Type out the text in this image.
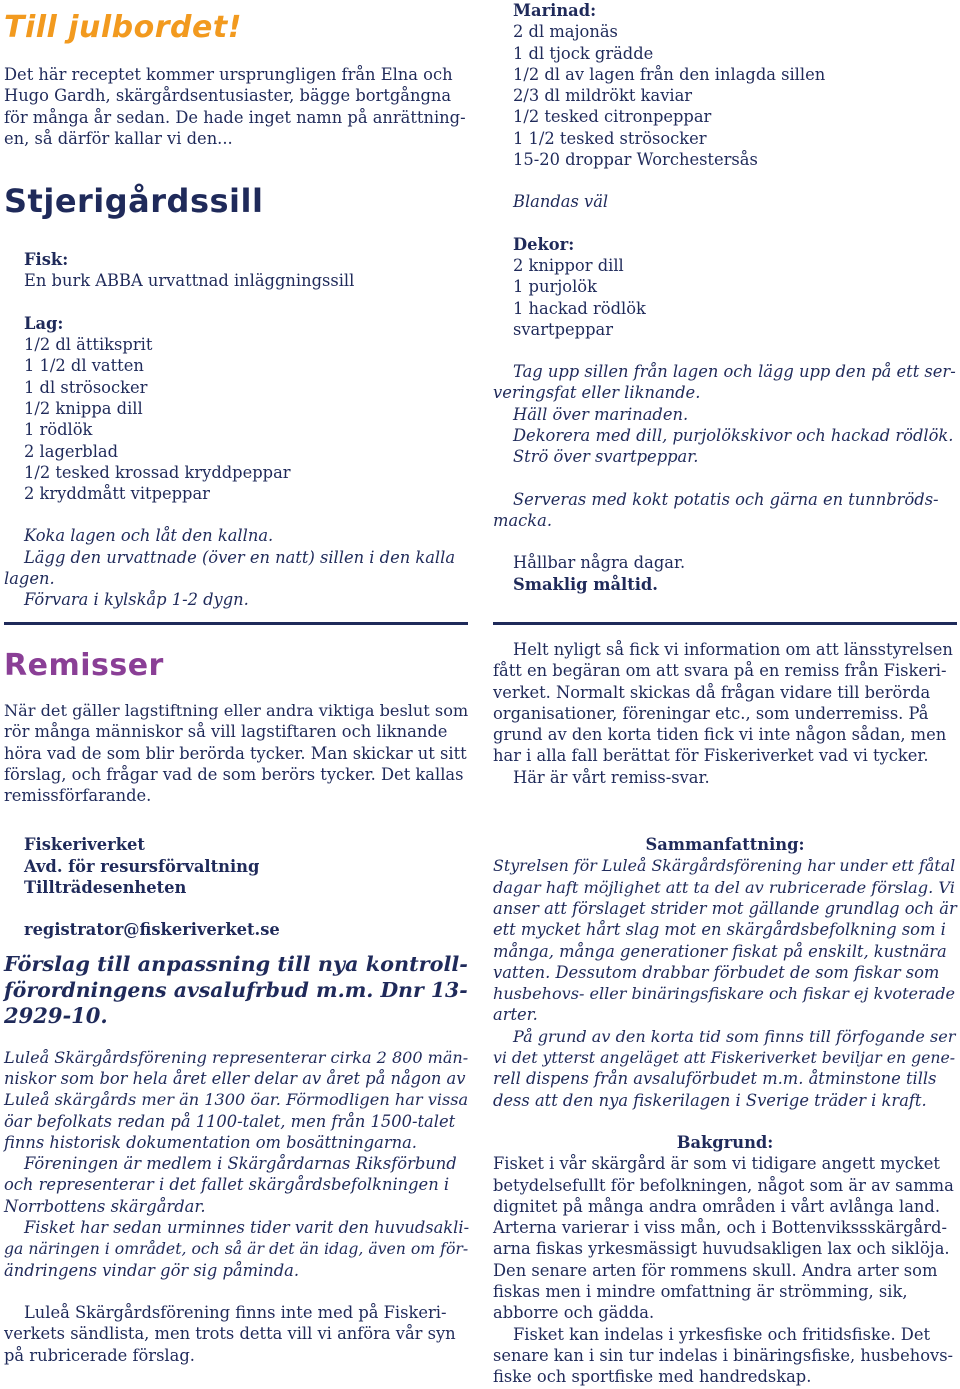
Till julbordet!
Det här receptet kommer ursprungligen från Elna och
Hugo Gardh, skärgårdsentusiaster, bägge bortgångna
för många år sedan. De hade inget namn på anrättning-
en, så därför kallar vi den...
Stjerigårdssill
Fisk:
En burk ABBA urvattnad inläggningssill
Lag:
1/2 dl ättiksprit
1 1/2 dl vatten
1 dl strösocker
1/2 knippa dill
1 rödlök
2 lagerblad
1/2 tesked krossad kryddpeppar
2 kryddmått vitpeppar
Koka lagen och låt den kallna.
Lägg den urvattnade (över en natt) sillen i den kalla
lagen.
Förvara i kylskåp 1-2 dygn.
Marinad:
2 dl majonäs
1 dl tjock grädde
1/2 dl av lagen från den inlagda sillen
2/3 dl mildrökt kaviar
1/2 tesked citronpeppar
1 1/2 tesked strösocker
15-20 droppar Worchestersås
Blandas väl
Dekor:
2 knippor dill
1 purjolök
1 hackad rödlök
svartpeppar
Tag upp sillen från lagen och lägg upp den på ett ser-
veringsfat eller liknande.
Häll över marinaden.
Dekorera med dill, purjolökskivor och hackad rödlök.
Strö över svartpeppar.
Serveras med kokt potatis och gärna en tunnbröds-
macka.
Hållbar några dagar.
Smaklig måltid.
Remisser
När det gäller lagstiftning eller andra viktiga beslut som
rör många människor så vill lagstiftaren och liknande
höra vad de som blir berörda tycker. Man skickar ut sitt
förslag, och frågar vad de som berörs tycker. Det kallas
remissförfarande.
Fiskeriverket
Avd. för resursförvaltning
Tillträdesenheten
registrator@fiskeriverket.se
Förslag till anpassning till nya kontroll-
förordningens avsalufrbud m.m. Dnr 13-
2929-10.
Luleå Skärgårdsförening representerar cirka 2 800 män-
niskor som bor hela året eller delar av året på någon av
Luleå skärgårds mer än 1300 öar. Förmodligen har vissa
öar befolkats redan på 1100-talet, men från 1500-talet
finns historisk dokumentation om bosättningarna.
Föreningen är medlem i Skärgårdarnas Riksförbund
och representerar i det fallet skärgårdsbefolkningen i
Norrbottens skärgårdar.
Fisket har sedan urminnes tider varit den huvudsakli-
ga näringen i området, och så är det än idag, även om för-
ändringens vindar gör sig påminda.
Luleå Skärgårdsförening finns inte med på Fiskeri-
verkets sändlista, men trots detta vill vi anföra vår syn
på rubricerade förslag.
Helt nyligt så fick vi information om att länsstyrelsen
fått en begäran om att svara på en remiss från Fiskeri-
verket. Normalt skickas då frågan vidare till berörda
organisationer, föreningar etc., som underremiss. På
grund av den korta tiden fick vi inte någon sådan, men
har i alla fall berättat för Fiskeriverket vad vi tycker.
Här är vårt remiss-svar.
Sammanfattning:
Styrelsen för Luleå Skärgårdsförening har under ett fåtal
dagar haft möjlighet att ta del av rubricerade förslag. Vi
anser att förslaget strider mot gällande grundlag och är
ett mycket hårt slag mot en skärgårdsbefolkning som i
många, många generationer fiskat på enskilt, kustnära
vatten. Dessutom drabbar förbudet de som fiskar som
husbehovs- eller binäringsfiskare och fiskar ej kvoterade
arter.
På grund av den korta tid som finns till förfogande ser
vi det ytterst angeläget att Fiskeriverket beviljar en gene-
rell dispens från avsaluförbudet m.m. åtminstone tills
dess att den nya fiskerilagen i Sverige träder i kraft.
Bakgrund:
Fisket i vår skärgård är som vi tidigare angett mycket
betydelsefullt för befolkningen, något som är av samma
dignitet på många andra områden i vårt avlånga land.
Arterna varierar i viss mån, och i Bottenvikssskärgård-
arna fiskas yrkesmässigt huvudsakligen lax och siklöja.
Den senare arten för rommens skull. Andra arter som
fiskas men i mindre omfattning är strömming, sik,
abborre och gädda.
Fisket kan indelas i yrkesfiske och fritidsfiske. Det
senare kan i sin tur indelas i binäringsfiske, husbehovs-
fiske och sportfiske med handredskap.
